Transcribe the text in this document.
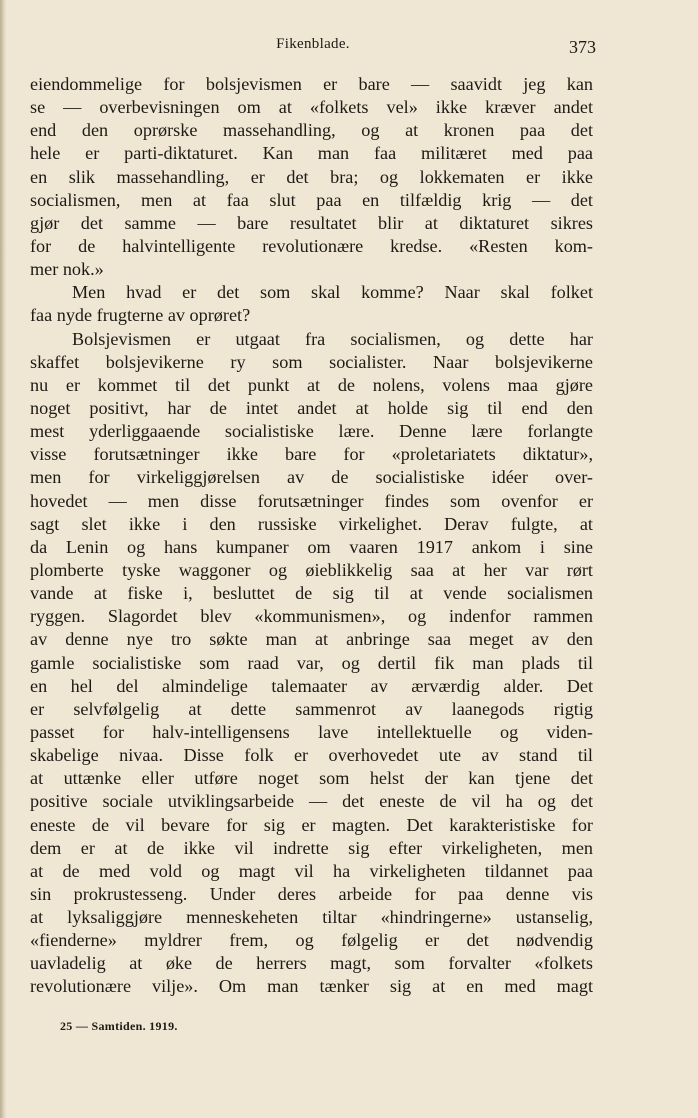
Fikenblade.	373
eiendommelige for bolsjevismen er bare — saavidt jeg kan
se — overbevisningen om at «folkets vel» ikke kræver andet
end den oprørske massehandling, og at kronen paa det
hele er parti-diktaturet. Kan man faa militæret med paa
en slik massehandling, er det bra; og lokkematen er ikke
socialismen, men at faa slut paa en tilfældig krig — det
gjør det samme — bare resultatet blir at diktaturet sikres
for de halvintelligente revolutionære kredse. «Resten kom-
mer nok.»
Men hvad er det som skal komme? Naar skal folket
faa nyde frugterne av oprøret?
Bolsjevismen er utgaat fra socialismen, og dette har
skaffet bolsjevikerne ry som socialister. Naar bolsjevikerne
nu er kommet til det punkt at de nolens, volens maa gjøre
noget positivt, har de intet andet at holde sig til end den
mest yderliggaaende socialistiske lære. Denne lære forlangte
visse forutsætninger ikke bare for «proletariatets diktatur»,
men for virkeliggjørelsen av de socialistiske idéer over-
hovedet — men disse forutsætninger findes som ovenfor er
sagt slet ikke i den russiske virkelighet. Derav fulgte, at
da Lenin og hans kumpaner om vaaren 1917 ankom i sine
plomberte tyske waggoner og øieblikkelig saa at her var rørt
vande at fiske i, besluttet de sig til at vende socialismen
ryggen. Slagordet blev «kommunismen», og indenfor rammen
av denne nye tro søkte man at anbringe saa meget av den
gamle socialistiske som raad var, og dertil fik man plads til
en hel del almindelige talemaater av ærværdig alder. Det
er selvfølgelig at dette sammenrot av laanegods rigtig
passet for halv-intelligensens lave intellektuelle og viden-
skabelige nivaa. Disse folk er overhovedet ute av stand til
at uttænke eller utføre noget som helst der kan tjene det
positive sociale utviklingsarbeide — det eneste de vil ha og det
eneste de vil bevare for sig er magten. Det karakteristiske for
dem er at de ikke vil indrette sig efter virkeligheten, men
at de med vold og magt vil ha virkeligheten tildannet paa
sin prokrustesseng. Under deres arbeide for paa denne vis
at lyksaliggjøre menneskeheten tiltar «hindringerne» ustanselig,
«fienderne» myldrer frem, og følgelig er det nødvendig
uavladelig at øke de herrers magt, som forvalter «folkets
revolutionære vilje». Om man tænker sig at en med magt
25 — Samtiden. 1919.
